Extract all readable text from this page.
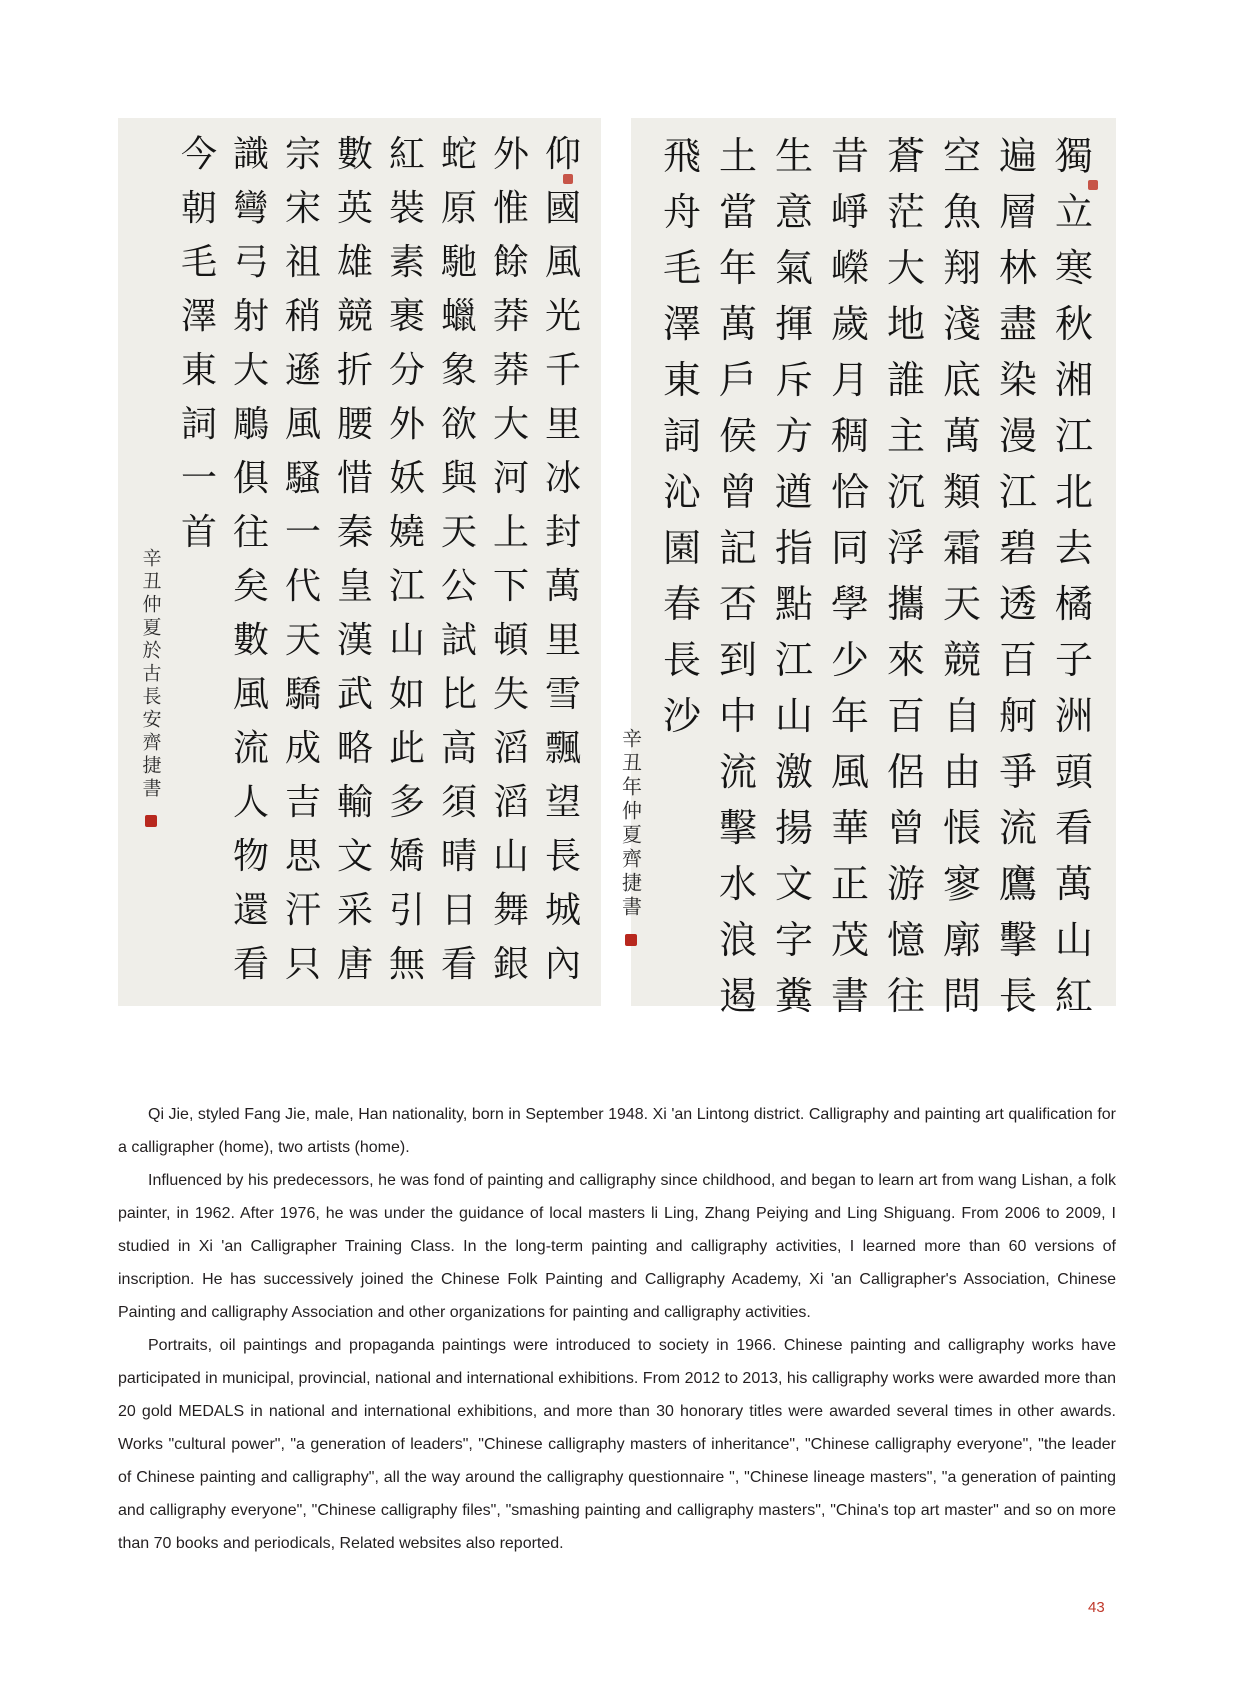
仰
國
風
光
千
里
冰
封
萬
里
雪
飄
望
長
城
內
外
惟
餘
莽
莽
大
河
上
下
頓
失
滔
滔
山
舞
銀
蛇
原
馳
蠟
象
欲
與
天
公
試
比
高
須
晴
日
看
紅
裝
素
裹
分
外
妖
嬈
江
山
如
此
多
嬌
引
無
數
英
雄
競
折
腰
惜
秦
皇
漢
武
略
輸
文
采
唐
宗
宋
祖
稍
遜
風
騷
一
代
天
驕
成
吉
思
汗
只
識
彎
弓
射
大
鵰
俱
往
矣
數
風
流
人
物
還
看
今
朝
毛
澤
東
詞
一
首
辛丑仲夏於古長安齊捷書
獨
立
寒
秋
湘
江
北
去
橘
子
洲
頭
看
萬
山
紅
遍
層
林
盡
染
漫
江
碧
透
百
舸
爭
流
鷹
擊
長
空
魚
翔
淺
底
萬
類
霜
天
競
自
由
悵
寥
廓
問
蒼
茫
大
地
誰
主
沉
浮
攜
來
百
侶
曾
游
憶
往
昔
崢
嶸
歲
月
稠
恰
同
學
少
年
風
華
正
茂
書
生
意
氣
揮
斥
方
遒
指
點
江
山
激
揚
文
字
糞
土
當
年
萬
戶
侯
曾
記
否
到
中
流
擊
水
浪
遏
飛
舟
毛
澤
東
詞
沁
園
春
長
沙
辛丑年仲夏齊捷書

Qi Jie, styled Fang Jie, male, Han nationality, born in September 1948. Xi 'an Lintong district. Calligraphy and painting art qualification for a calligrapher (home), two artists (home).

Influenced by his predecessors, he was fond of painting and calligraphy since childhood, and began to learn art from wang Lishan, a folk painter, in 1962. After 1976, he was under the guidance of local masters li Ling, Zhang Peiying and Ling Shiguang. From 2006 to 2009, I studied in Xi 'an Calligrapher Training Class. In the long-term painting and calligraphy activities, I learned more than 60 versions of inscription. He has successively joined the Chinese Folk Painting and Calligraphy Academy, Xi 'an Calligrapher's Association, Chinese Painting and calligraphy Association and other organizations for painting and calligraphy activities.

Portraits, oil paintings and propaganda paintings were introduced to society in 1966. Chinese painting and calligraphy works have participated in municipal, provincial, national and international exhibitions. From 2012 to 2013, his calligraphy works were awarded more than 20 gold MEDALS in national and international exhibitions, and more than 30 honorary titles were awarded several times in other awards. Works "cultural power", "a generation of leaders", "Chinese calligraphy masters of inheritance", "Chinese calligraphy everyone", "the leader of Chinese painting and calligraphy", all the way around the calligraphy questionnaire ", "Chinese lineage masters", "a generation of painting and calligraphy everyone", "Chinese calligraphy files", "smashing painting and calligraphy masters", "China's top art master" and so on more than 70 books and periodicals, Related websites also reported.

43
